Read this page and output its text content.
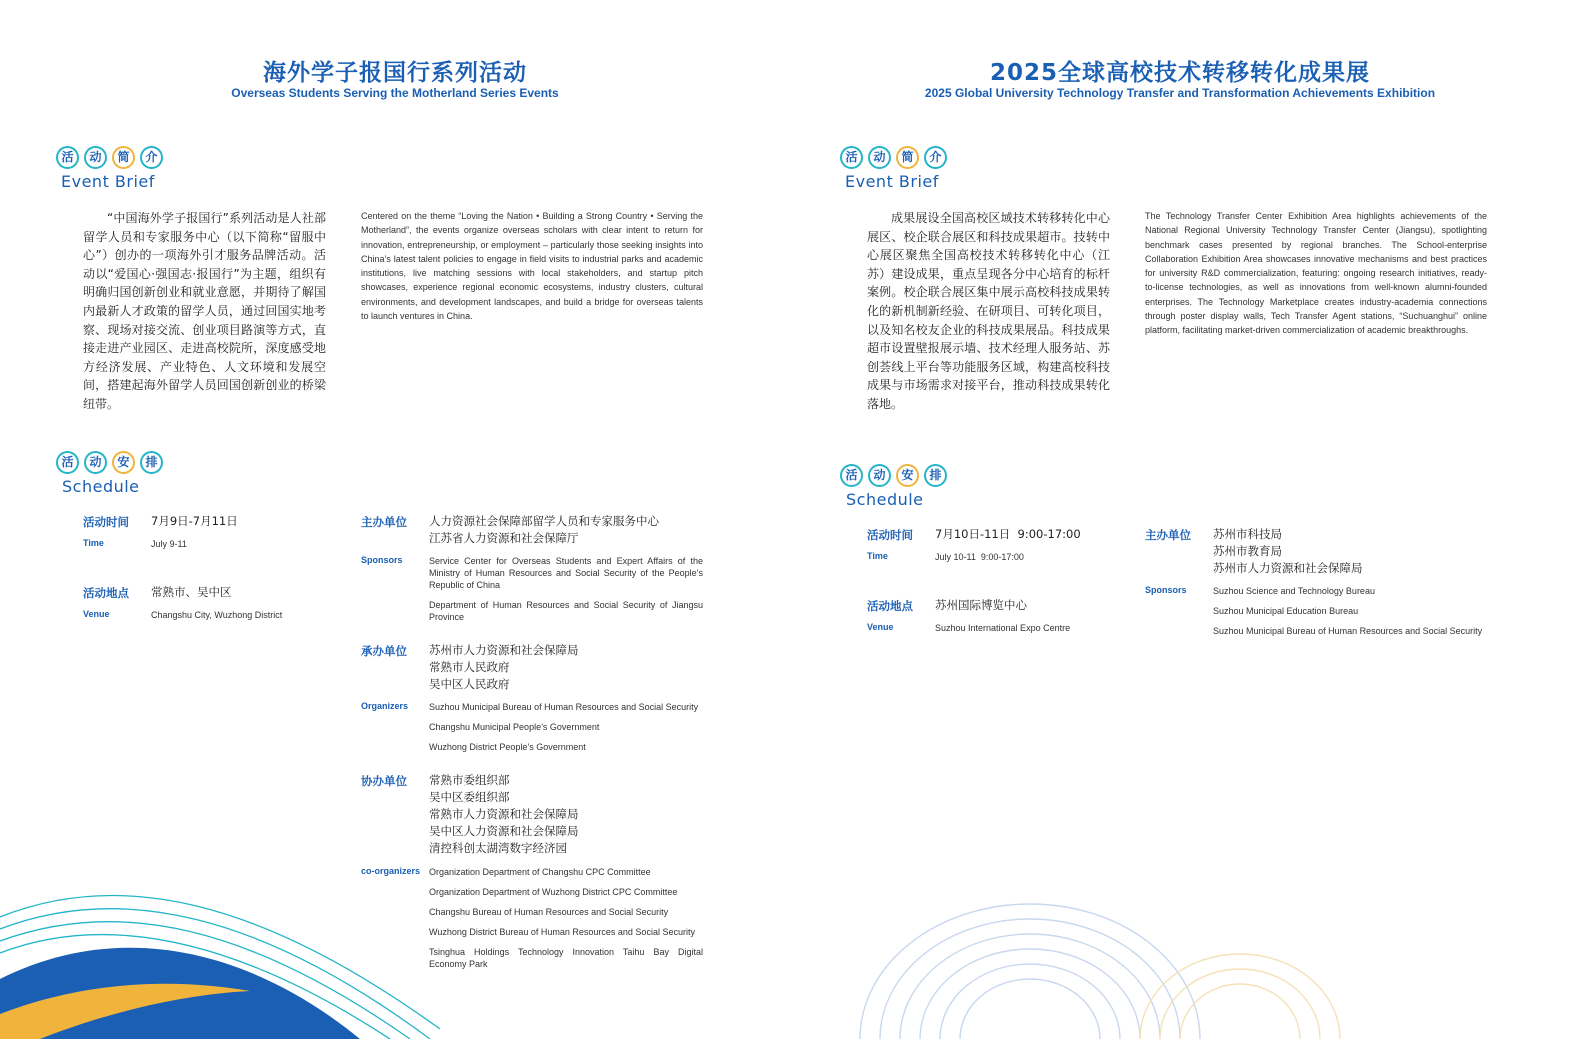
海外学子报国行系列活动
Overseas Students Serving the Motherland Series Events
活	动	简	介
Event Brief
“中国海外学子报国行”系列活动是人社部留学人员和专家服务中心（以下简称“留服中心”）创办的一项海外引才服务品牌活动。活动以“爱国心·强国志·报国行”为主题，组织有明确归国创新创业和就业意愿，并期待了解国内最新人才政策的留学人员，通过回国实地考察、现场对接交流、创业项目路演等方式，直接走进产业园区、走进高校院所，深度感受地方经济发展、产业特色、人文环境和发展空间，搭建起海外留学人员回国创新创业的桥梁纽带。
Centered on the theme “Loving the Nation • Building a Strong Country • Serving the Motherland”, the events organize overseas scholars with clear intent to return for innovation, entrepreneurship, or employment – particularly those seeking insights into China’s latest talent policies to engage in field visits to industrial parks and academic institutions, live matching sessions with local stakeholders, and startup pitch showcases, experience regional economic ecosystems, industry clusters, cultural environments, and development landscapes, and build a bridge for overseas talents to launch ventures in China.
活	动	安	排
Schedule
活动时间 7月9日-7月11日
Time	July 9-11
活动地点 常熟市、吴中区
Venue	Changshu City, Wuzhong District
主办单位 人力资源社会保障部留学人员和专家服务中心
江苏省人力资源和社会保障厅
Sponsors	Service Center for Overseas Students and Expert Affairs of the Ministry of Human Resources and Social Security of the People’s Republic of China
Department of Human Resources and Social Security of Jiangsu Province
承办单位 苏州市人力资源和社会保障局
常熟市人民政府
吴中区人民政府
Organizers Suzhou Municipal Bureau of Human Resources and Social Security
Changshu Municipal People’s Government
Wuzhong District People’s Government
协办单位 常熟市委组织部
吴中区委组织部
常熟市人力资源和社会保障局
吴中区人力资源和社会保障局
清控科创太湖湾数字经济园
co-organizers Organization Department of Changshu CPC Committee
Organization Department of Wuzhong District CPC Committee
Changshu Bureau of Human Resources and Social Security
Wuzhong District Bureau of Human Resources and Social Security
Tsinghua Holdings Technology Innovation Taihu Bay Digital Economy Park
2025全球高校技术转移转化成果展
2025 Global University Technology Transfer and Transformation Achievements Exhibition
活	动	简	介
Event Brief
成果展设全国高校区域技术转移转化中心展区、校企联合展区和科技成果超市。技转中心展区聚焦全国高校技术转移转化中心（江苏）建设成果，重点呈现各分中心培育的标杆案例。校企联合展区集中展示高校科技成果转化的新机制新经验、在研项目、可转化项目，以及知名校友企业的科技成果展品。科技成果超市设置壁报展示墙、技术经理人服务站、苏创荟线上平台等功能服务区域，构建高校科技成果与市场需求对接平台，推动科技成果转化落地。
The Technology Transfer Center Exhibition Area highlights achievements of the National Regional University Technology Transfer Center (Jiangsu), spotlighting benchmark cases presented by regional branches. The School-enterprise Collaboration Exhibition Area showcases innovative mechanisms and best practices for university R&D commercialization, featuring: ongoing research initiatives, ready-to-license technologies, as well as innovations from well-known alumni-founded enterprises. The Technology Marketplace creates industry-academia connections through poster display walls, Tech Transfer Agent stations, “Suchuanghui” online platform, facilitating market-driven commercialization of academic breakthroughs.
活	动	安	排
Schedule
活动时间 7月10日-11日  9:00-17:00
Time	July 10-11  9:00-17:00
活动地点 苏州国际博览中心
Venue	Suzhou International Expo Centre
主办单位 苏州市科技局
苏州市教育局
苏州市人力资源和社会保障局
Sponsors	Suzhou Science and Technology Bureau
Suzhou Municipal Education Bureau
Suzhou Municipal Bureau of Human Resources and Social Security
